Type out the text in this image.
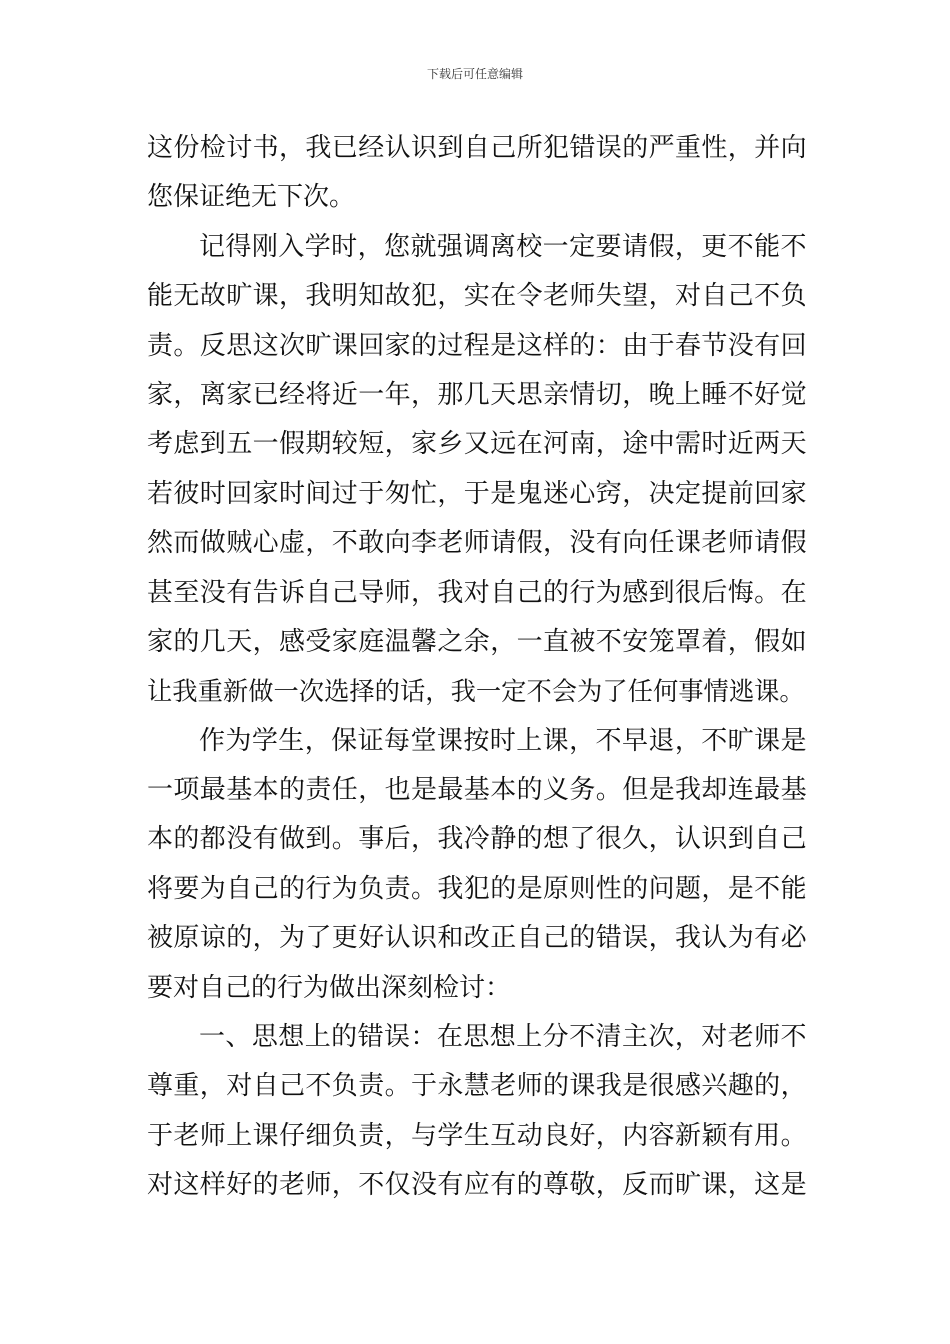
下载后可任意编辑
这份检讨书，我已经认识到自己所犯错误的严重性，并向
您保证绝无下次。
记得刚入学时，您就强调离校一定要请假，更不能不
能无故旷课，我明知故犯，实在令老师失望，对自己不负
责。反思这次旷课回家的过程是这样的：由于春节没有回
家，离家已经将近一年，那几天思亲情切，晚上睡不好觉
考虑到五一假期较短，家乡又远在河南，途中需时近两天
若彼时回家时间过于匆忙，于是鬼迷心窍，决定提前回家
然而做贼心虚，不敢向李老师请假，没有向任课老师请假
甚至没有告诉自己导师，我对自己的行为感到很后悔。在
家的几天，感受家庭温馨之余，一直被不安笼罩着，假如
让我重新做一次选择的话，我一定不会为了任何事情逃课。
作为学生，保证每堂课按时上课，不早退，不旷课是
一项最基本的责任，也是最基本的义务。但是我却连最基
本的都没有做到。事后，我冷静的想了很久，认识到自己
将要为自己的行为负责。我犯的是原则性的问题，是不能
被原谅的，为了更好认识和改正自己的错误，我认为有必
要对自己的行为做出深刻检讨：
一、思想上的错误：在思想上分不清主次，对老师不
尊重，对自己不负责。于永慧老师的课我是很感兴趣的，
于老师上课仔细负责，与学生互动良好，内容新颖有用。
对这样好的老师，不仅没有应有的尊敬，反而旷课，这是
